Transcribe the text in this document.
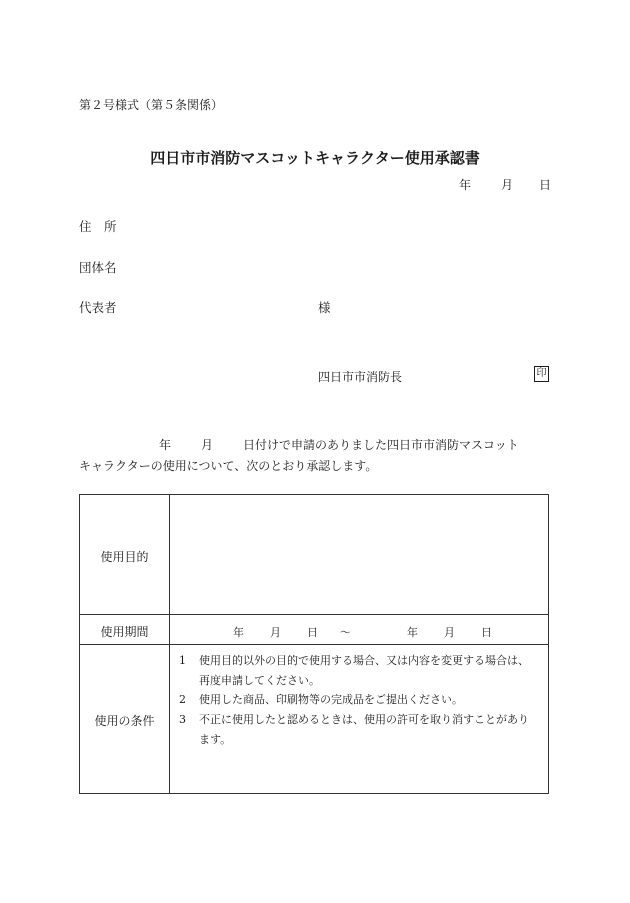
第２号様式（第５条関係）
四日市市消防マスコットキャラクター使用承認書
年 月 日
住　所
団体名
代表者	様
四日市市消防長	印
年 月 日付けで申請のありました四日市市消防マスコット
キャラクターの使用について、次のとおり承認します。
使用目的
使用期間	年 月 日 ～	年 月 日
使用の条件
1 使用目的以外の目的で使用する場合、又は内容を変更する場合は、
再度申請してください。
2 使用した商品、印刷物等の完成品をご提出ください。
3 不正に使用したと認めるときは、使用の許可を取り消すことがあり
ます。
